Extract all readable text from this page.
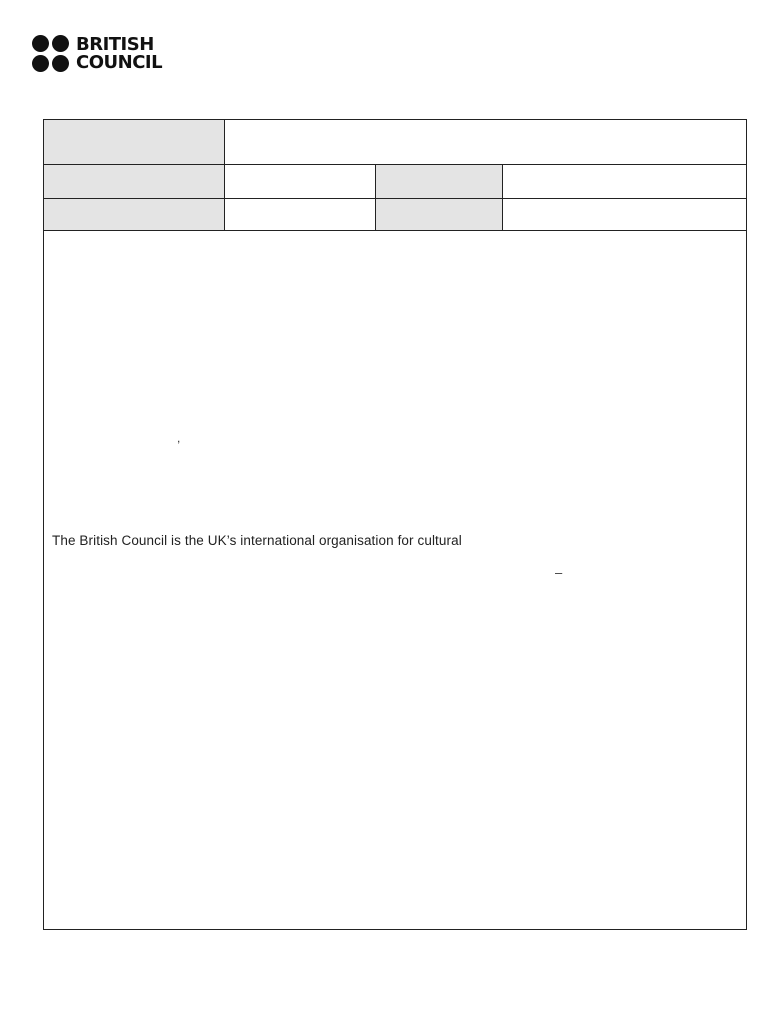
BRITISH
COUNCIL
,
The British Council is the UK’s international organisation for cultural
–
